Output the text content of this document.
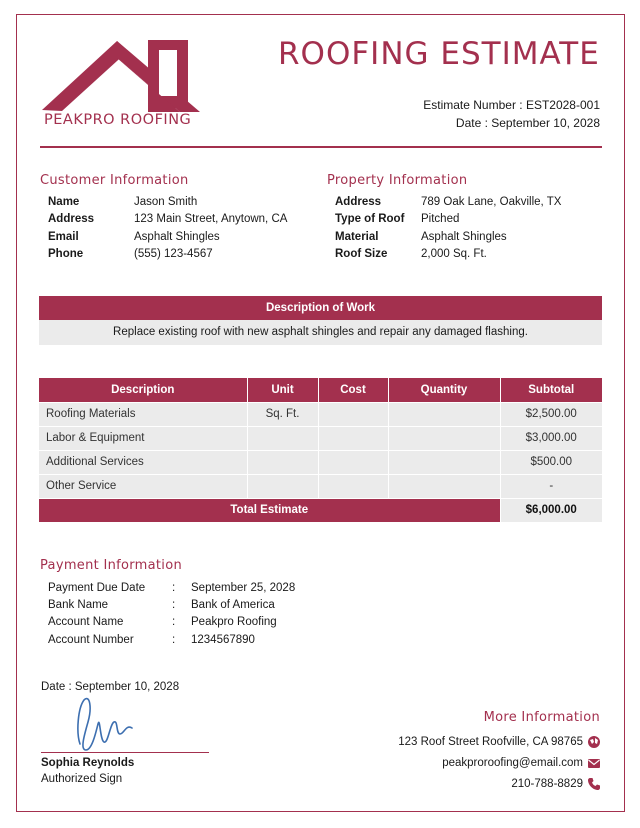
PEAKPRO ROOFING
ROOFING ESTIMATE
Estimate Number : EST2028-001
Date : September 10, 2028
Customer Information
Name	Jason Smith
Address	123 Main Street, Anytown, CA
Email	Asphalt Shingles
Phone	(555) 123-4567
Property Information
Address	789 Oak Lane, Oakville, TX
Type of Roof	Pitched
Material	Asphalt Shingles
Roof Size	2,000 Sq. Ft.
Description of Work
Replace existing roof with new asphalt shingles and repair any damaged flashing.
Description	Unit	Cost	Quantity	Subtotal
Roofing Materials	Sq. Ft.			$2,500.00
Labor & Equipment				$3,000.00
Additional Services				$500.00
Other Service				-
Total Estimate				$6,000.00
Payment Information
Payment Due Date	:	September 25, 2028
Bank Name	:	Bank of America
Account Name	:	Peakpro Roofing
Account Number	:	1234567890
Date : September 10, 2028
Sophia Reynolds
Authorized Sign
More Information
123 Roof Street Roofville, CA 98765
peakproroofing@email.com
210-788-8829
